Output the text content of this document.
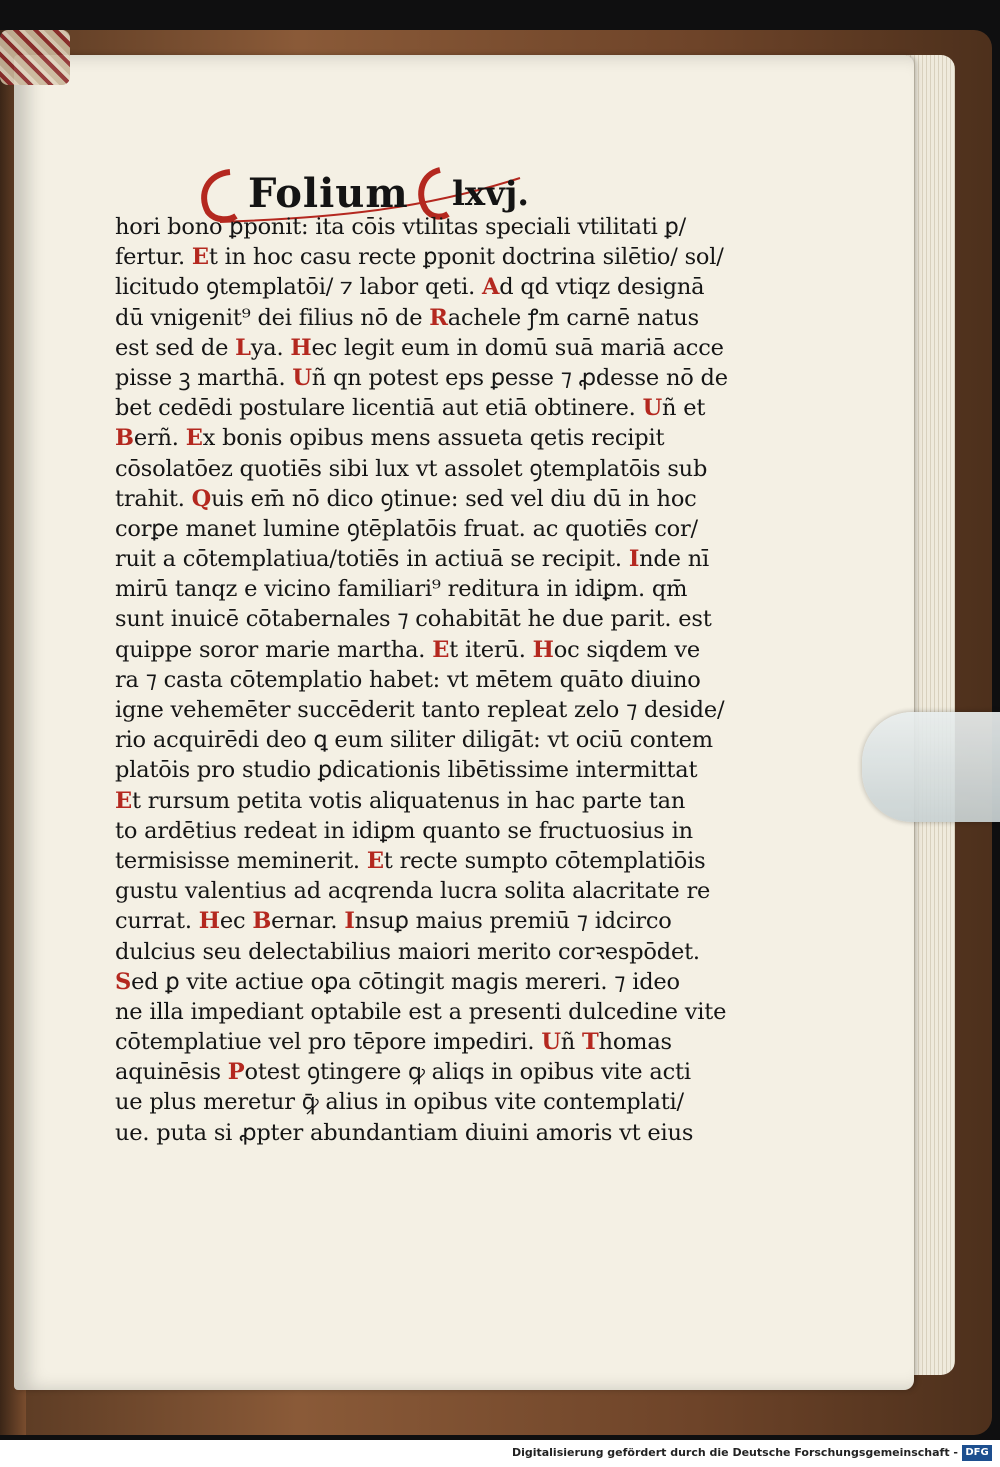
Folium lxvj.
hori bono ꝑponit: ita cōis vtilitas speciali vtilitati ꝑ/
fertur. Et in hoc casu recte ꝑponit doctrina silētio/ sol/
licitudo ꝯtemplatōi/ ⁊ labor qeti. Ad qd vtiqz designā
dū vnigenit⁹ dei filius nō de Rachele ꝭm carnē natus
est sed de Lya. Hec legit eum in domū suā mariā acce
pisse ꝫ marthā. Uñ qn potest eps ꝑesse ⁊ ꝓdesse nō de
bet cedēdi postulare licentiā aut etiā obtinere. Uñ et
Berñ. Ex bonis opibus mens assueta qetis recipit
cōsolatōez quotiēs sibi lux vt assolet ꝯtemplatōis sub
trahit. Quis em̄ nō dico ꝯtinue: sed vel diu dū in hoc
corꝑe manet lumine ꝯtēplatōis fruat. ac quotiēs cor/
ruit a cōtemplatiua/totiēs in actiuā se recipit. Inde nī
mirū tanqz e vicino familiari⁹ reditura in idiꝑm. qm̄
sunt inuicē cōtabernales ⁊ cohabitāt he due parit. est
quippe soror marie martha. Et iterū. Hoc siqdem ve
ra ⁊ casta cōtemplatio habet: vt mētem quāto diuino
igne vehemēter succēderit tanto repleat zelo ⁊ deside/
rio acquirēdi deo ꝗ eum siliter diligāt: vt ociū contem
platōis pro studio ꝑdicationis libētissime intermittat
Et rursum petita votis aliquatenus in hac parte tan
to ardētius redeat in idiꝑm quanto se fructuosius in
termisisse meminerit. Et recte sumpto cōtemplatiōis
gustu valentius ad acqrenda lucra solita alacritate re
currat. Hec Bernar. Insuꝑ maius premiū ⁊ idcirco
dulcius seu delectabilius maiori merito corꝛespōdet.
Sed ꝑ vite actiue oꝑa cōtingit magis mereri. ⁊ ideo
ne illa impediant optabile est a presenti dulcedine vite
cōtemplatiue vel pro tēpore impediri. Uñ Thomas
aquinēsis Potest ꝯtingere ꝙ aliqs in opibus vite acti
ue plus meretur ꝙ̄ alius in opibus vite contemplati/
ue. puta si ꝓpter abundantiam diuini amoris vt eius
Digitalisierung gefördert durch die Deutsche Forschungsgemeinschaft - DFG
